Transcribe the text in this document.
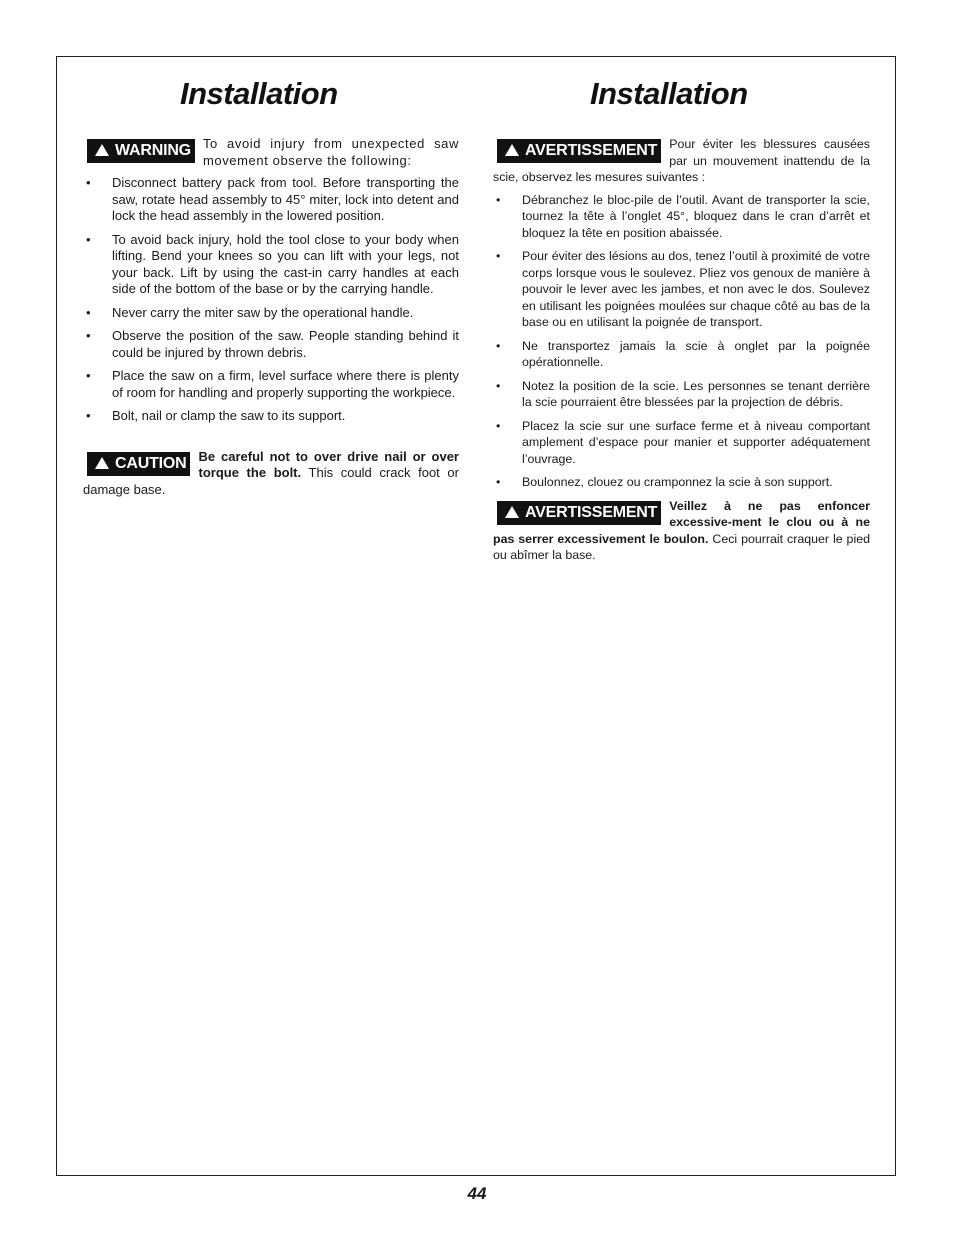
Installation	Installation
WARNING To avoid injury from unexpected saw movement observe the following:

• Disconnect battery pack from tool. Before transporting the saw, rotate head assembly to 45° miter, lock into detent and lock the head assembly in the lowered position.
• To avoid back injury, hold the tool close to your body when lifting. Bend your knees so you can lift with your legs, not your back. Lift by using the cast-in carry handles at each side of the bottom of the base or by the carrying handle.
• Never carry the miter saw by the operational handle.
• Observe the position of the saw. People standing behind it could be injured by thrown debris.
• Place the saw on a firm, level surface where there is plenty of room for handling and properly supporting the workpiece.
• Bolt, nail or clamp the saw to its support.
CAUTION Be careful not to over drive nail or over torque the bolt. This could crack foot or damage base.

AVERTISSEMENT Pour éviter les blessures causées par un mouvement inattendu de la scie, observez les mesures suivantes :

• Débranchez le bloc-pile de l’outil. Avant de transporter la scie, tournez la tête à l’onglet 45°, bloquez dans le cran d’arrêt et bloquez la tête en position abaissée.
• Pour éviter des lésions au dos, tenez l’outil à proximité de votre corps lorsque vous le soulevez. Pliez vos genoux de manière à pouvoir le lever avec les jambes, et non avec le dos. Soulevez en utilisant les poignées moulées sur chaque côté au bas de la base ou en utilisant la poignée de transport.
• Ne transportez jamais la scie à onglet par la poignée opérationnelle.
• Notez la position de la scie. Les personnes se tenant derrière la scie pourraient être blessées par la projection de débris.
• Placez la scie sur une surface ferme et à niveau comportant amplement d’espace pour manier et supporter adéquatement l’ouvrage.
• Boulonnez, clouez ou cramponnez la scie à son support.
AVERTISSEMENT Veillez à ne pas enfoncer excessive-ment le clou ou à ne pas serrer excessivement le boulon. Ceci pourrait craquer le pied ou abîmer la base.

44
